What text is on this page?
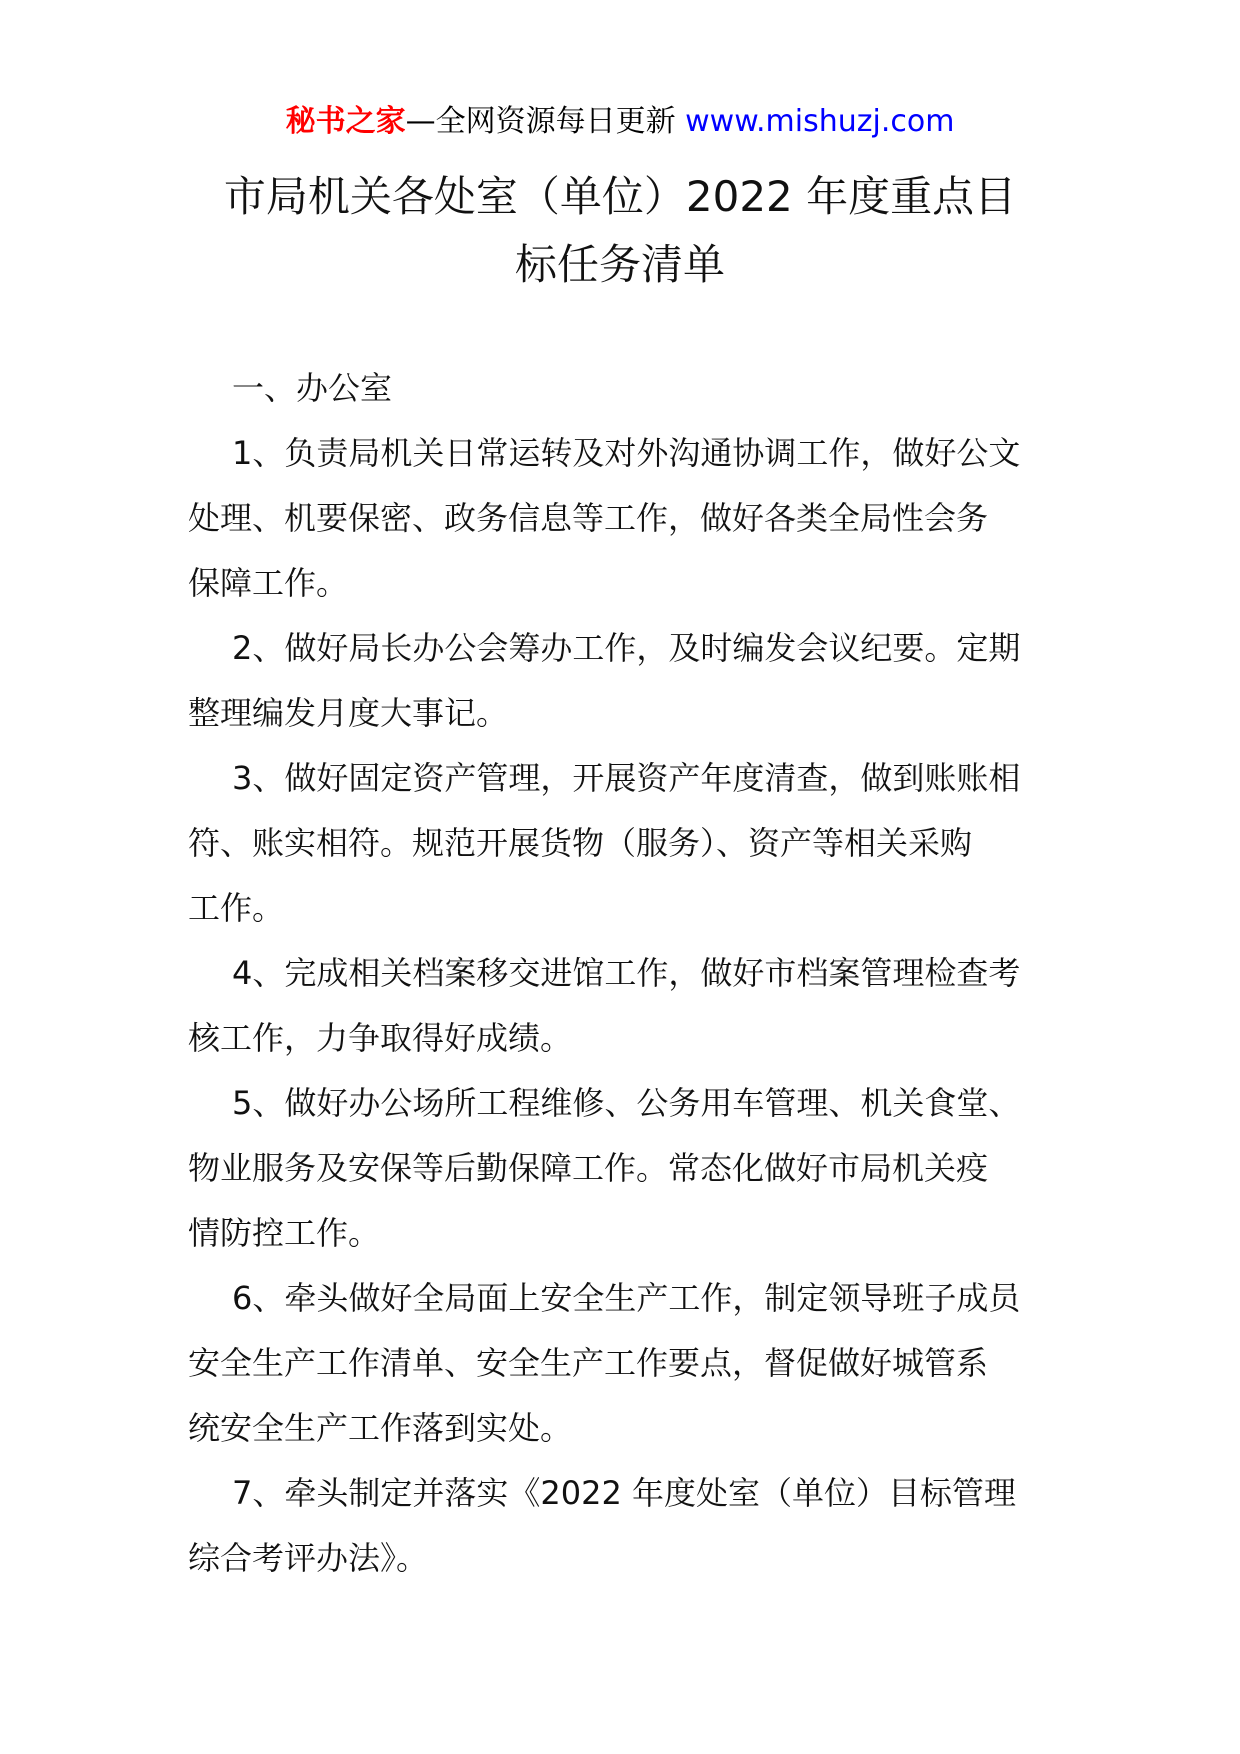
秘书之家—全网资源每日更新 www.mishuzj.com
市局机关各处室（单位）2022 年度重点目
标任务清单

一、办公室

1、负责局机关日常运转及对外沟通协调工作，做好公文
处理、机要保密、政务信息等工作，做好各类全局性会务
保障工作。

2、做好局长办公会筹办工作，及时编发会议纪要。定期
整理编发月度大事记。

3、做好固定资产管理，开展资产年度清查，做到账账相
符、账实相符。规范开展货物（服务）、资产等相关采购
工作。

4、完成相关档案移交进馆工作，做好市档案管理检查考
核工作，力争取得好成绩。

5、做好办公场所工程维修、公务用车管理、机关食堂、
物业服务及安保等后勤保障工作。常态化做好市局机关疫
情防控工作。

6、牵头做好全局面上安全生产工作，制定领导班子成员
安全生产工作清单、安全生产工作要点，督促做好城管系
统安全生产工作落到实处。

7、牵头制定并落实《2022 年度处室（单位）目标管理
综合考评办法》。
